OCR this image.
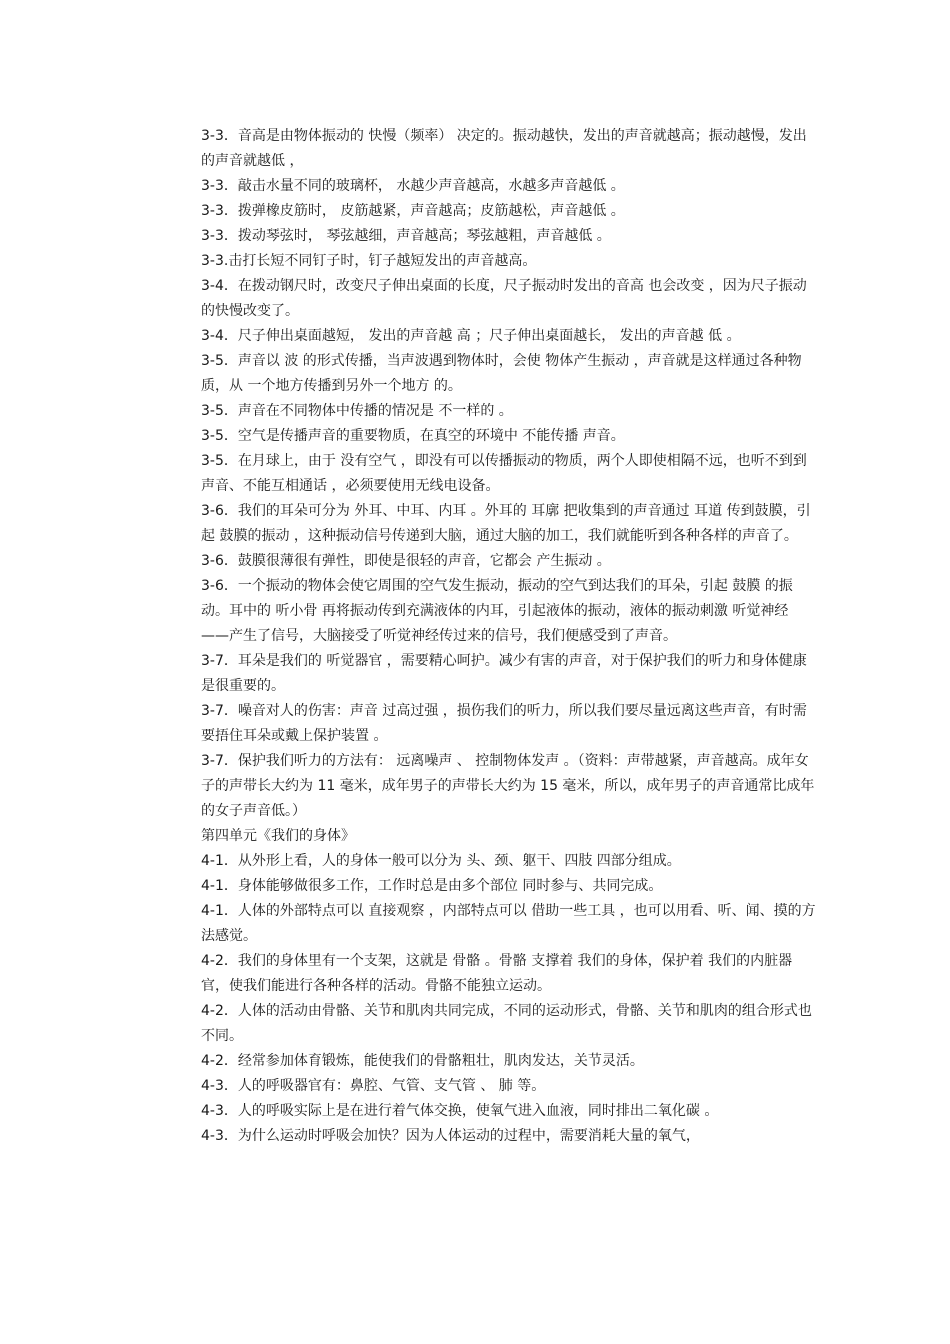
3-3．音高是由物体振动的 快慢（频率） 决定的。振动越快，发出的声音就越高；振动越慢，发出的声音就越低 ，

3-3．敲击水量不同的玻璃杯， 水越少声音越高，水越多声音越低 。

3-3．拨弹橡皮筋时， 皮筋越紧，声音越高；皮筋越松，声音越低 。

3-3．拨动琴弦时， 琴弦越细，声音越高；琴弦越粗，声音越低 。

3-3.击打长短不同钉子时，钉子越短发出的声音越高。

3-4．在拨动钢尺时，改变尺子伸出桌面的长度，尺子振动时发出的音高 也会改变 ，因为尺子振动的快慢改变了。

3-4．尺子伸出桌面越短， 发出的声音越 高 ；尺子伸出桌面越长， 发出的声音越 低 。

3-5．声音以 波 的形式传播，当声波遇到物体时，会使 物体产生振动 ，声音就是这样通过各种物质，从 一个地方传播到另外一个地方 的。

3-5．声音在不同物体中传播的情况是 不一样的 。

3-5．空气是传播声音的重要物质，在真空的环境中 不能传播 声音。

3-5．在月球上，由于 没有空气 ，即没有可以传播振动的物质，两个人即使相隔不远，也听不到到声音、不能互相通话 ，必须要使用无线电设备。

3-6．我们的耳朵可分为 外耳、中耳、内耳 。外耳的 耳廓 把收集到的声音通过 耳道 传到鼓膜，引起 鼓膜的振动 ，这种振动信号传递到大脑，通过大脑的加工，我们就能听到各种各样的声音了。

3-6．鼓膜很薄很有弹性，即使是很轻的声音，它都会 产生振动 。

3-6．一个振动的物体会使它周围的空气发生振动，振动的空气到达我们的耳朵，引起 鼓膜 的振动。耳中的 听小骨 再将振动传到充满液体的内耳，引起液体的振动，液体的振动刺激 听觉神经 ——产生了信号，大脑接受了听觉神经传过来的信号，我们便感受到了声音。

3-7．耳朵是我们的 听觉器官 ，需要精心呵护。减少有害的声音，对于保护我们的听力和身体健康是很重要的。

3-7．噪音对人的伤害：声音 过高过强 ，损伤我们的听力，所以我们要尽量远离这些声音，有时需要捂住耳朵或戴上保护装置 。

3-7．保护我们听力的方法有： 远离噪声 、 控制物体发声 。（资料：声带越紧，声音越高。成年女子的声带长大约为 11 毫米，成年男子的声带长大约为 15 毫米，所以，成年男子的声音通常比成年的女子声音低。）

第四单元《我们的身体》

4-1．从外形上看，人的身体一般可以分为 头、颈、躯干、四肢 四部分组成。

4-1．身体能够做很多工作，工作时总是由多个部位 同时参与、共同完成。

4-1．人体的外部特点可以 直接观察 ，内部特点可以 借助一些工具 ，也可以用看、听、闻、摸的方法感觉。

4-2．我们的身体里有一个支架，这就是 骨骼 。骨骼 支撑着 我们的身体，保护着 我们的内脏器官，使我们能进行各种各样的活动。骨骼不能独立运动。

4-2．人体的活动由骨骼、关节和肌肉共同完成，不同的运动形式，骨骼、关节和肌肉的组合形式也不同。

4-2．经常参加体育锻炼，能使我们的骨骼粗壮，肌肉发达，关节灵活。

4-3．人的呼吸器官有：鼻腔、气管、支气管 、 肺 等。

4-3．人的呼吸实际上是在进行着气体交换，使氧气进入血液，同时排出二氧化碳 。

4-3．为什么运动时呼吸会加快？因为人体运动的过程中，需要消耗大量的氧气，
